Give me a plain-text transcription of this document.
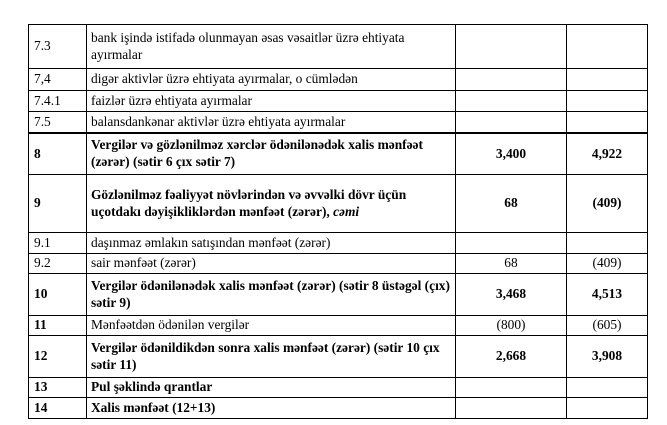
7.3	bank işində istifadə olunmayan əsas vəsaitlər üzrə ehtiyata ayırmalar		
7,4	digər aktivlər üzrə ehtiyata ayırmalar, o cümlədən		
7.4.1	faizlər üzrə ehtiyata ayırmalar		
7.5	balansdankənar aktivlər üzrə ehtiyata ayırmalar		
8	Vergilər və gözlənilməz xərclər ödənilənədək xalis mənfəət (zərər) (sətir 6 çıx sətir 7)	3,400	4,922
9	Gözlənilməz fəaliyyət növlərindən və əvvəlki dövr üçün uçotdakı dəyişikliklərdən mənfəət (zərər), cəmi	68	(409)
9.1	daşınmaz əmlakın satışından mənfəət (zərər)		
9.2	sair mənfəət (zərər)	68	(409)
10	Vergilər ödənilənədək xalis mənfəət (zərər) (sətir 8 üstəgəl (çıx) sətir 9)	3,468	4,513
11	Mənfəətdən ödənilən vergilər	(800)	(605)
12	Vergilər ödənildikdən sonra xalis mənfəət (zərər) (sətir 10 çıx sətir 11)	2,668	3,908
13	Pul şəklində qrantlar		
14	Xalis mənfəət (12+13)		
